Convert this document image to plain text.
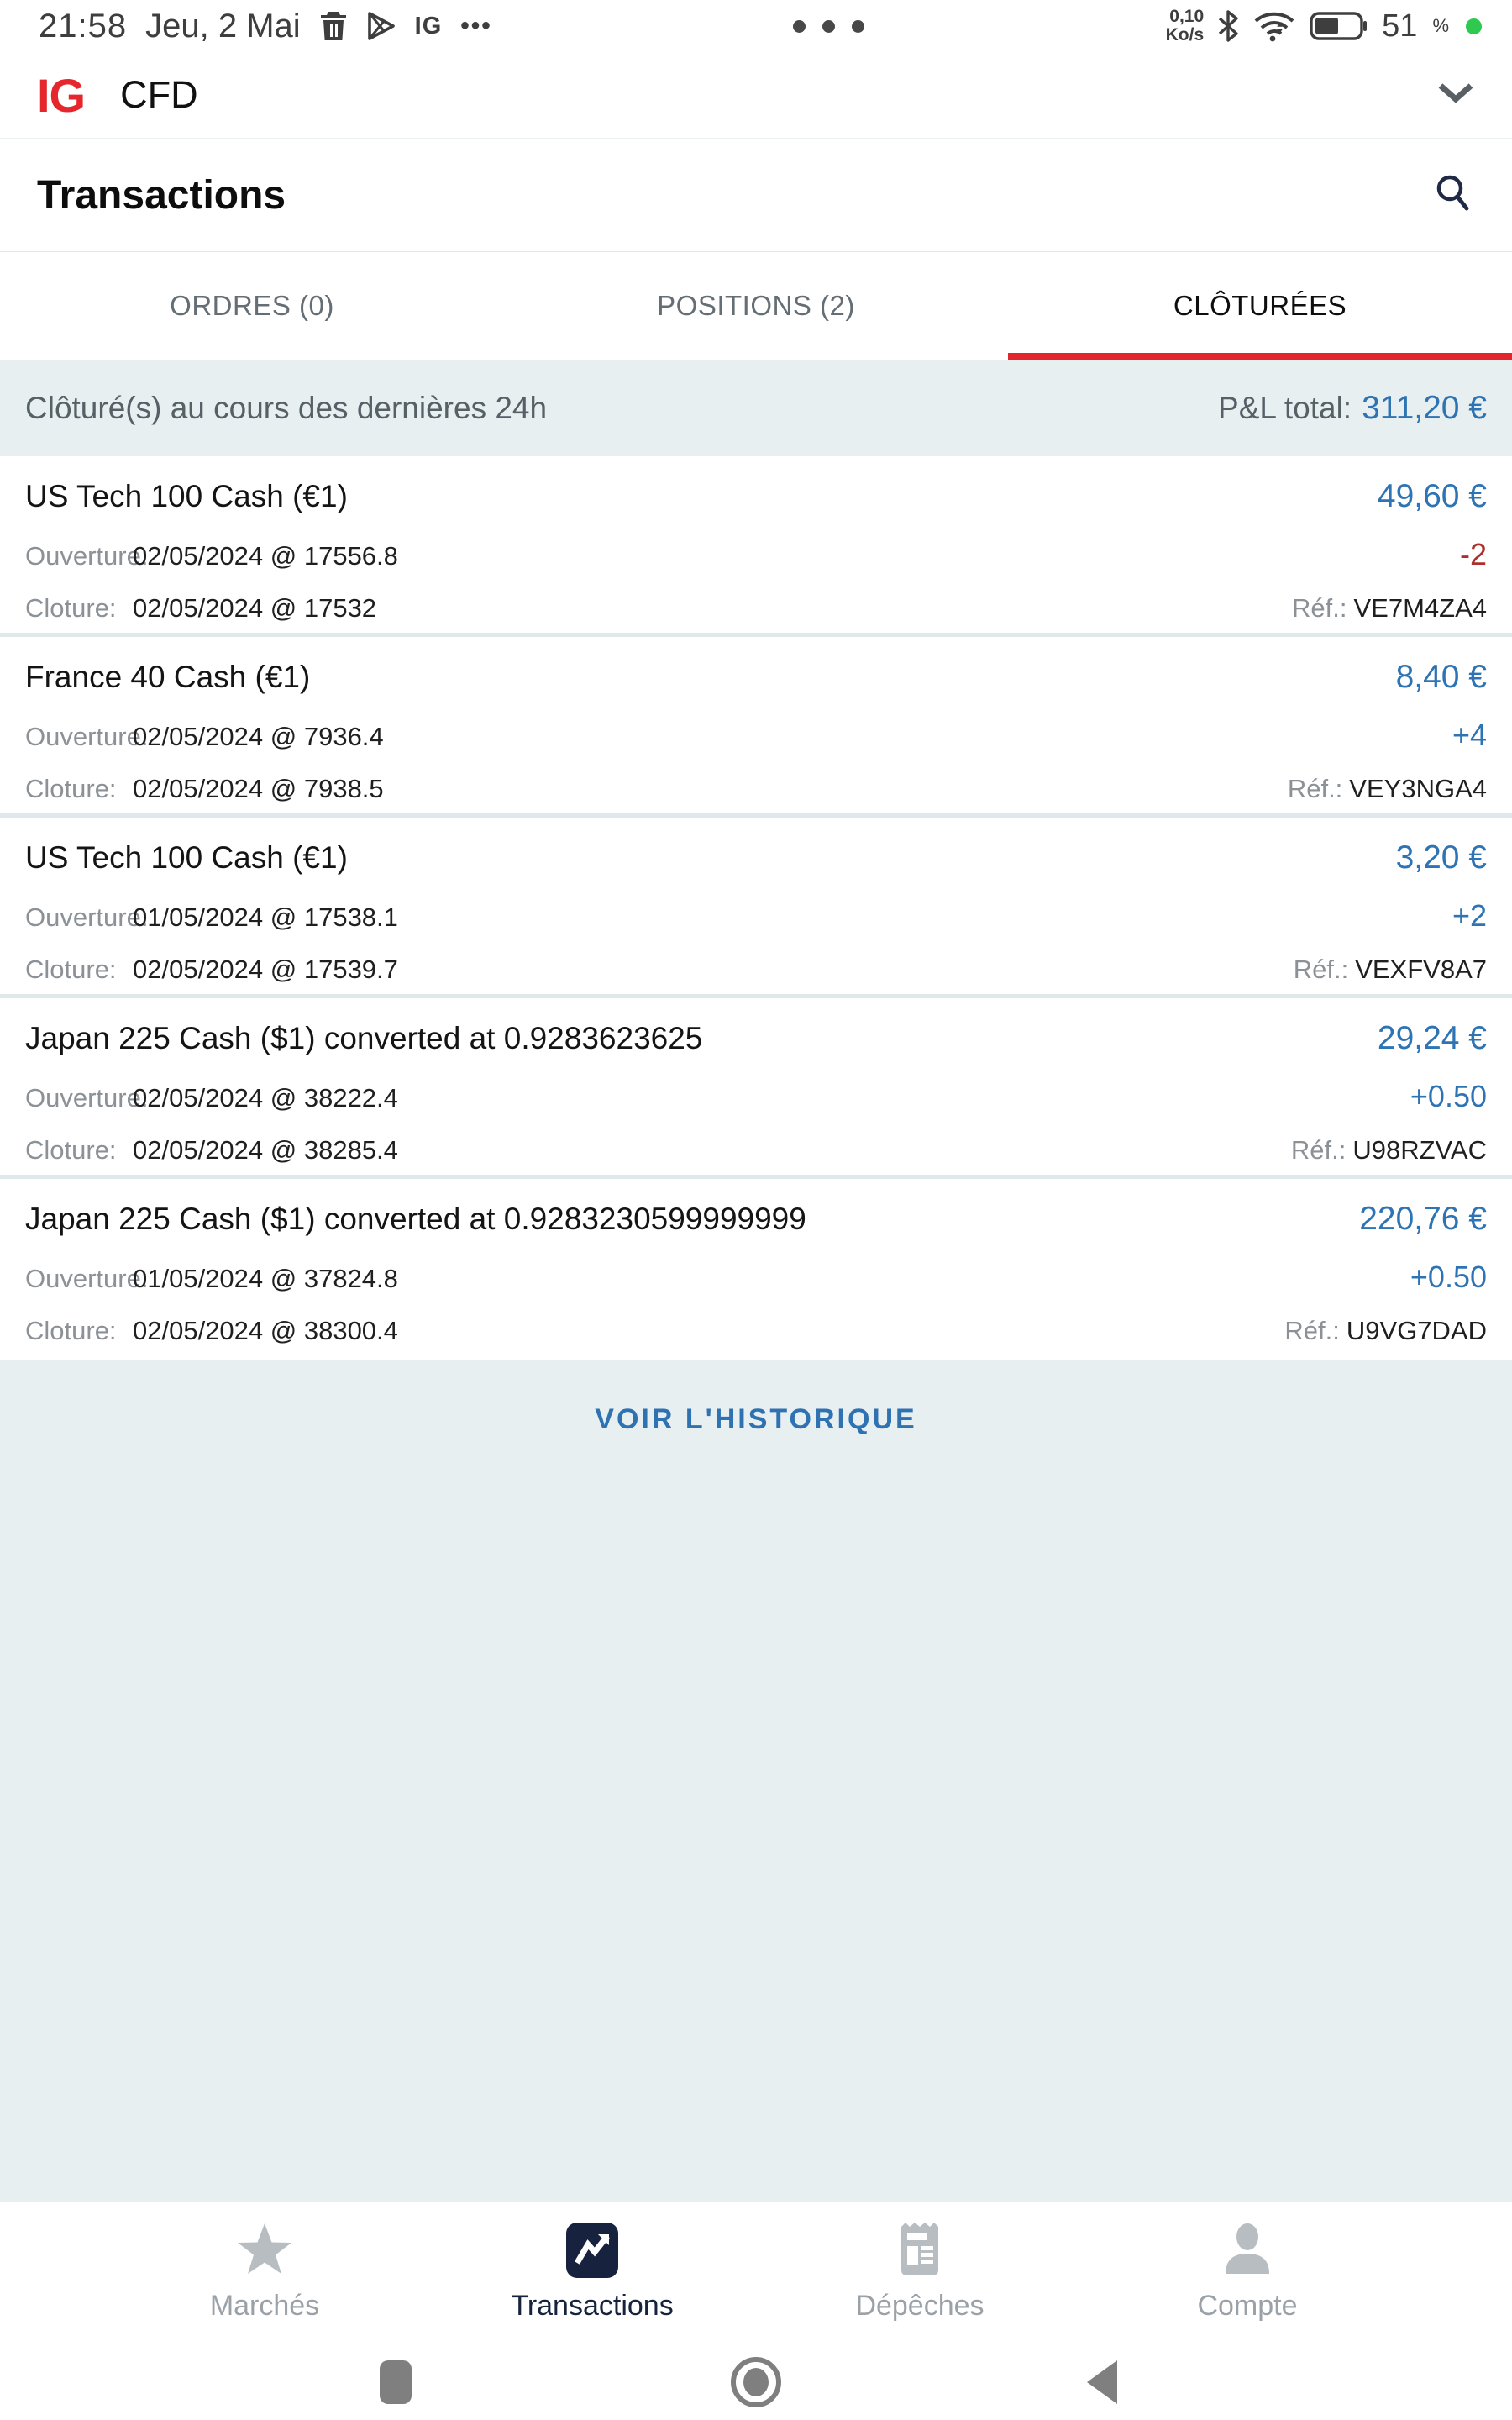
21:58 Jeu, 2 Mai	IG •••	0,10
Ko/s	51 %
IG CFD
Transactions
ORDRES (0)	POSITIONS (2)	CLÔTURÉES
Clôturé(s) au cours des dernières 24h	P&L total: 311,20 €
US Tech 100 Cash (€1)	49,60 €
Ouverture:02/05/2024 @ 17556.8	-2
Cloture: 02/05/2024 @ 17532	Réf.: VE7M4ZA4
France 40 Cash (€1)	8,40 €
Ouverture:02/05/2024 @ 7936.4	+4
Cloture: 02/05/2024 @ 7938.5	Réf.: VEY3NGA4
US Tech 100 Cash (€1)	3,20 €
Ouverture:01/05/2024 @ 17538.1	+2
Cloture: 02/05/2024 @ 17539.7	Réf.: VEXFV8A7
Japan 225 Cash ($1) converted at 0.9283623625	29,24 €
Ouverture:02/05/2024 @ 38222.4	+0.50
Cloture: 02/05/2024 @ 38285.4	Réf.: U98RZVAC
Japan 225 Cash ($1) converted at 0.9283230599999999	220,76 €
Ouverture:01/05/2024 @ 37824.8	+0.50
Cloture: 02/05/2024 @ 38300.4	Réf.: U9VG7DAD
VOIR L'HISTORIQUE
Marchés	Transactions	Dépêches	Compte
